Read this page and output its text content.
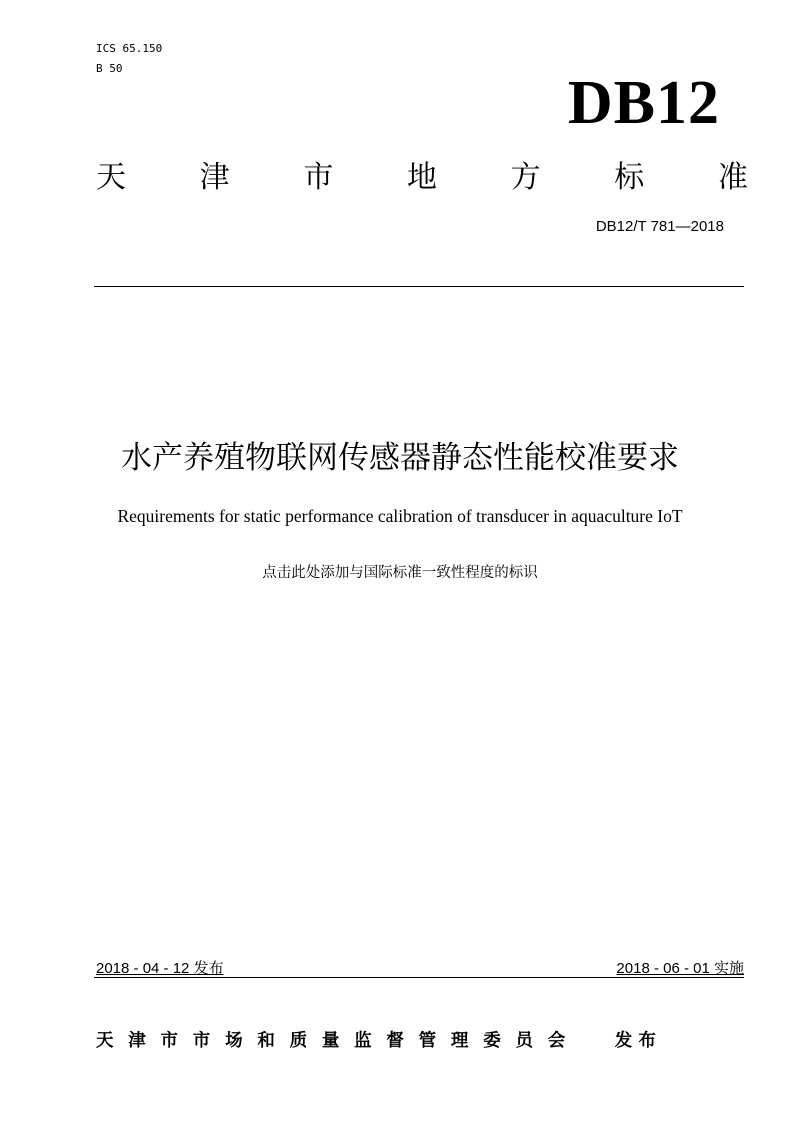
ICS 65.150
B 50
DB12
天 津 市 地 方 标 准
DB12/T 781—2018
水产养殖物联网传感器静态性能校准要求
Requirements for static performance calibration of transducer in aquaculture IoT
点击此处添加与国际标准一致性程度的标识
2018 - 04 - 12 发布	2018 - 06 - 01 实施
天 津 市 市 场 和 质 量 监 督 管 理 委 员 会	发 布
